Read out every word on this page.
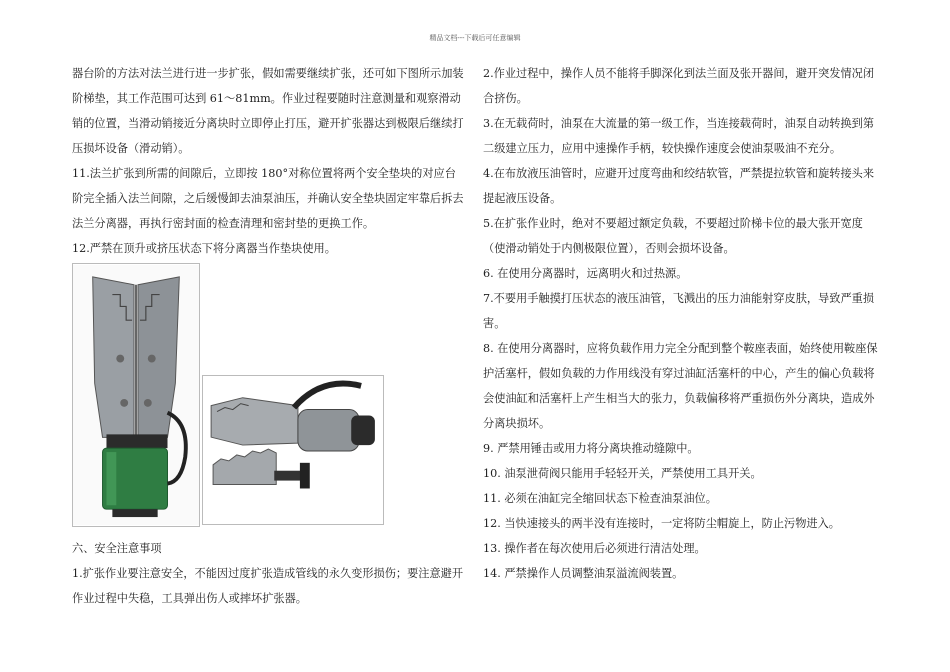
精品文档---下载后可任意编辑

器台阶的方法对法兰进行进一步扩张，假如需要继续扩张，还可如下图所示加装阶梯垫，其工作范围可达到 61～81mm。作业过程要随时注意测量和观察滑动销的位置，当滑动销接近分离块时立即停止打压，避开扩张器达到极限后继续打压损坏设备（滑动销）。

11.法兰扩张到所需的间隙后，立即按 180°对称位置将两个安全垫块的对应台阶完全插入法兰间隙，之后缓慢卸去油泵油压，并确认安全垫块固定牢靠后拆去法兰分离器，再执行密封面的检查清理和密封垫的更换工作。

12.严禁在顶升或挤压状态下将分离器当作垫块使用。

六、安全注意事项

1.扩张作业要注意安全，不能因过度扩张造成管线的永久变形损伤；要注意避开作业过程中失稳，工具弹出伤人或摔坏扩张器。

2.作业过程中，操作人员不能将手脚深化到法兰面及张开器间，避开突发情况闭合挤伤。

3.在无载荷时，油泵在大流量的第一级工作，当连接载荷时，油泵自动转换到第二级建立压力，应用中速操作手柄，较快操作速度会使油泵吸油不充分。

4.在布放液压油管时，应避开过度弯曲和绞结软管，严禁提拉软管和旋转接头来提起液压设备。

5.在扩张作业时，绝对不要超过额定负载，不要超过阶梯卡位的最大张开宽度（使滑动销处于内侧极限位置），否则会损坏设备。

6. 在使用分离器时，远离明火和过热源。

7.不要用手触摸打压状态的液压油管，飞溅出的压力油能射穿皮肤，导致严重损害。

8. 在使用分离器时，应将负载作用力完全分配到整个鞍座表面，始终使用鞍座保护活塞杆，假如负载的力作用线没有穿过油缸活塞杆的中心，产生的偏心负载将会使油缸和活塞杆上产生相当大的张力，负载偏移将严重损伤外分离块，造成外分离块损坏。

9. 严禁用锤击或用力将分离块推动缝隙中。

10. 油泵泄荷阀只能用手轻轻开关，严禁使用工具开关。

11. 必须在油缸完全缩回状态下检查油泵油位。

12. 当快速接头的两半没有连接时，一定将防尘帽旋上，防止污物进入。

13. 操作者在每次使用后必须进行清洁处理。

14. 严禁操作人员调整油泵溢流阀装置。
